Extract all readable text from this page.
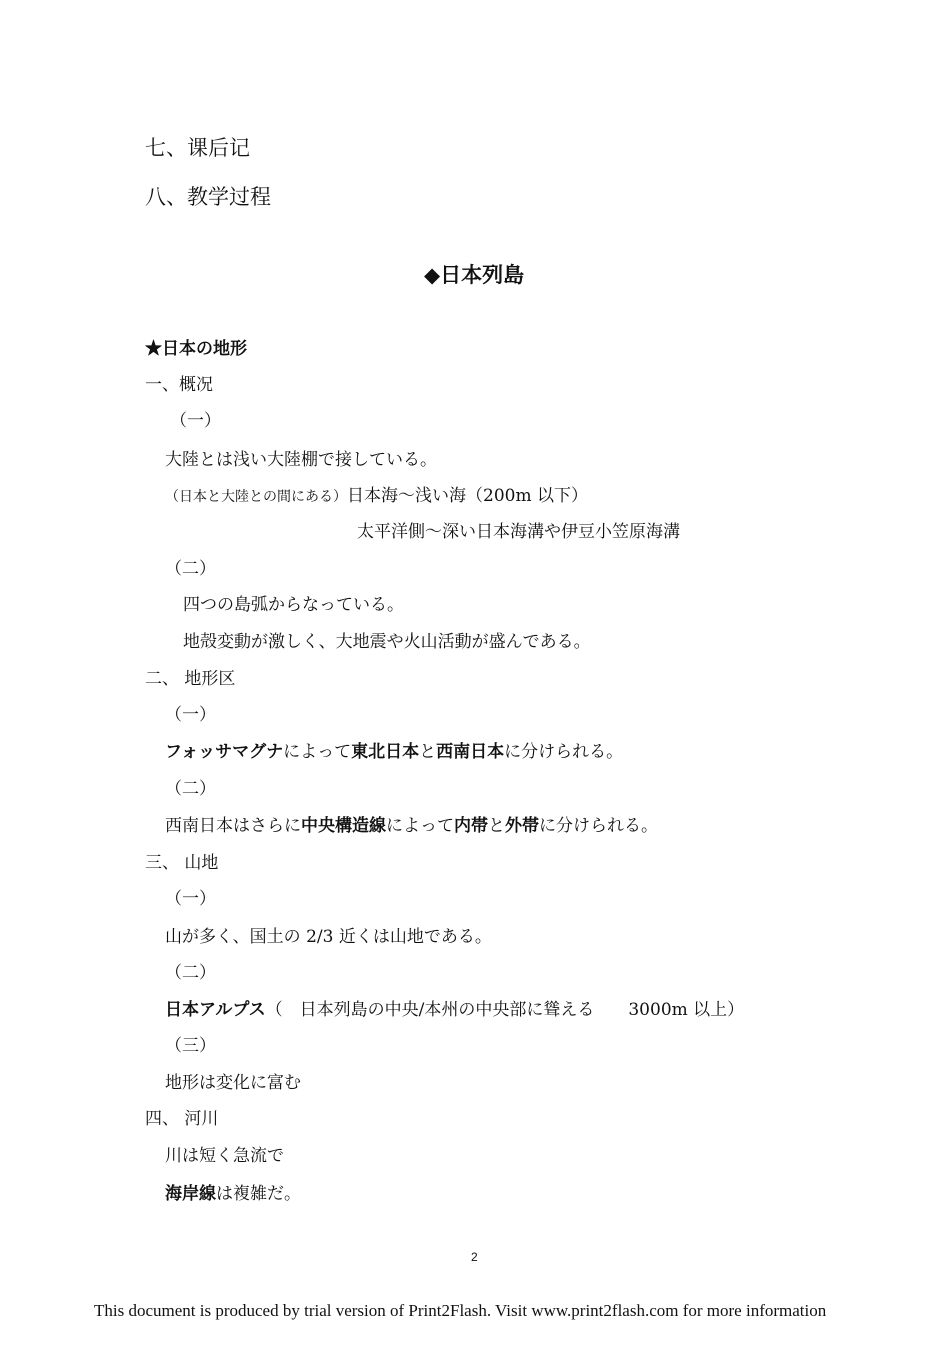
七、课后记
八、教学过程
◆日本列島
★日本の地形
一、概况
（一）
大陸とは浅い大陸棚で接している。
（日本と大陸との間にある）日本海～浅い海（200m 以下）
太平洋側～深い日本海溝や伊豆小笠原海溝
（二）
四つの島弧からなっている。
地殻変動が激しく、大地震や火山活動が盛んである。
二、 地形区
（一）
フォッサマグナによって東北日本と西南日本に分けられる。
（二）
西南日本はさらに中央構造線によって内帯と外帯に分けられる。
三、 山地
（一）
山が多く、国土の 2/3 近くは山地である。
（二）
日本アルプス（　日本列島の中央/本州の中央部に聳える　　3000m 以上）
（三）
地形は変化に富む
四、 河川
川は短く急流で
海岸線は複雑だ。
2
This document is produced by trial version of Print2Flash. Visit www.print2flash.com for more information
